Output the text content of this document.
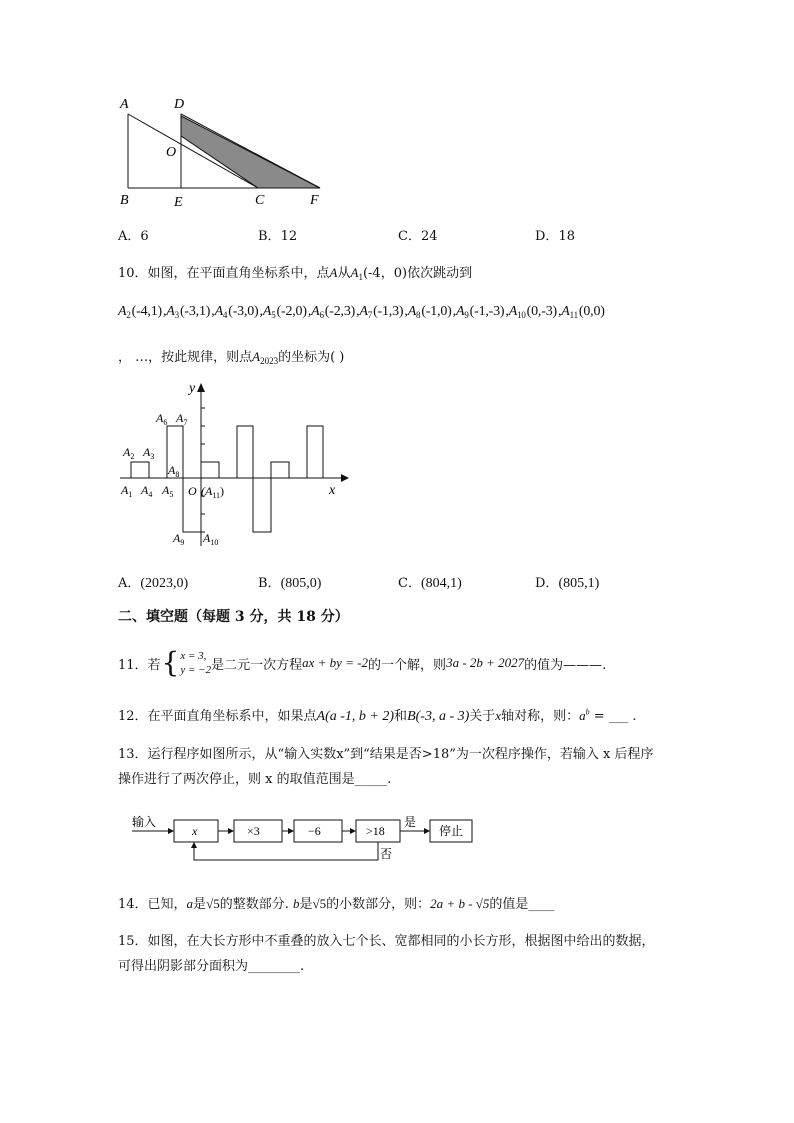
A	D
O
B	E	C	F
A．6	B．12	C．24	D．18
10．如图，在平面直角坐标系中，点A从$A_1(-4$，0)依次跳动到
$A_2(-4,1),A_3(-3,1),A_4(-3,0),A_5(-2,0),A_6(-2,3),A_7(-1,3),A_8(-1,0),A_9(-1,-3),A_{10}(0,-3),A_{11}(0,0)$
， …，按此规律，则点$A_{2023}$的坐标为( )
y
x
$A_1$ $A_4$ $A_5$
$A_2$ $A_3$
$A_6$ $A_7$
$A_8$
$A_9$ $A_{10}$
O $(A_{11})$
A．(2023,0)	B．(805,0)	C．(804,1)	D．(805,1)
二、填空题（每题 3 分，共 18 分）
11．若 { x = 3,
y = −2 是二元一次方程 ax + by = -2 的一个解，则 3a - 2b + 2027 的值为———.
12．在平面直角坐标系中，如果点A(a -1, b + 2)和B(-3, a - 3)关于x轴对称，则：$a^b$ = ___ .
13．运行程序如图所示，从“输入实数x”到“结果是否>18”为一次程序操作，若输入 x 后程序
操作进行了两次停止，则 x 的取值范围是_____.
输入
x	×3	−6	>18
是
停止
否
14．已知，a是√5的整数部分. b是√5的小数部分，则：2a + b - √5的值是____
15．如图，在大长方形中不重叠的放入七个长、宽都相同的小长方形，根据图中给出的数据，
可得出阴影部分面积为________.
